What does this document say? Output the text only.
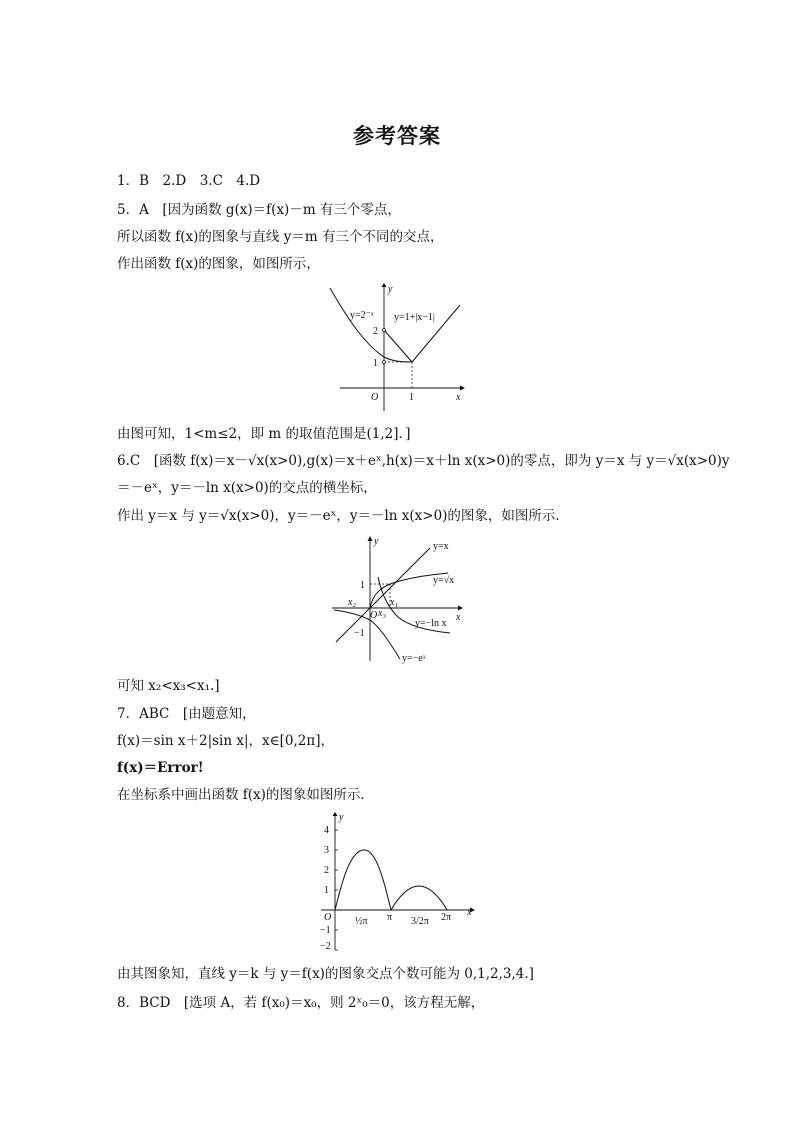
参考答案
1．B　2.D　3.C　4.D
5．A　[因为函数 g(x)＝f(x)－m 有三个零点，
所以函数 f(x)的图象与直线 y＝m 有三个不同的交点，
作出函数 f(x)的图象，如图所示，
y
x
O
y=2⁻ˣ y=1+|x−1|
2
1
1
由图可知，1<m≤2，即 m 的取值范围是(1,2]．]
6.C　[函数 f(x)＝x－√x(x>0),g(x)＝x＋eˣ,h(x)＝x＋ln x(x>0)的零点，即为 y＝x 与 y＝√x(x>0)y
＝－eˣ，y＝－ln x(x>0)的交点的横坐标，
作出 y＝x 与 y＝√x(x>0)，y＝－eˣ，y＝－ln x(x>0)的图象，如图所示．
y
x
O
y=x
y=√x
y=−ln x
y=−eˣ
1
−1
x₁
x₂
x₃
可知 x₂<x₃<x₁.]
7．ABC　[由题意知，
f(x)＝sin x＋2|sin x|，x∈[0,2π]，
f(x)＝Error!
在坐标系中画出函数 f(x)的图象如图所示．
y
x
O
4
3
2
1
−1
−2
½π π 3/2π 2π
由其图象知，直线 y＝k 与 y＝f(x)的图象交点个数可能为 0,1,2,3,4.]
8．BCD　[选项 A，若 f(x₀)＝x₀，则 2ˣ₀＝0，该方程无解，
